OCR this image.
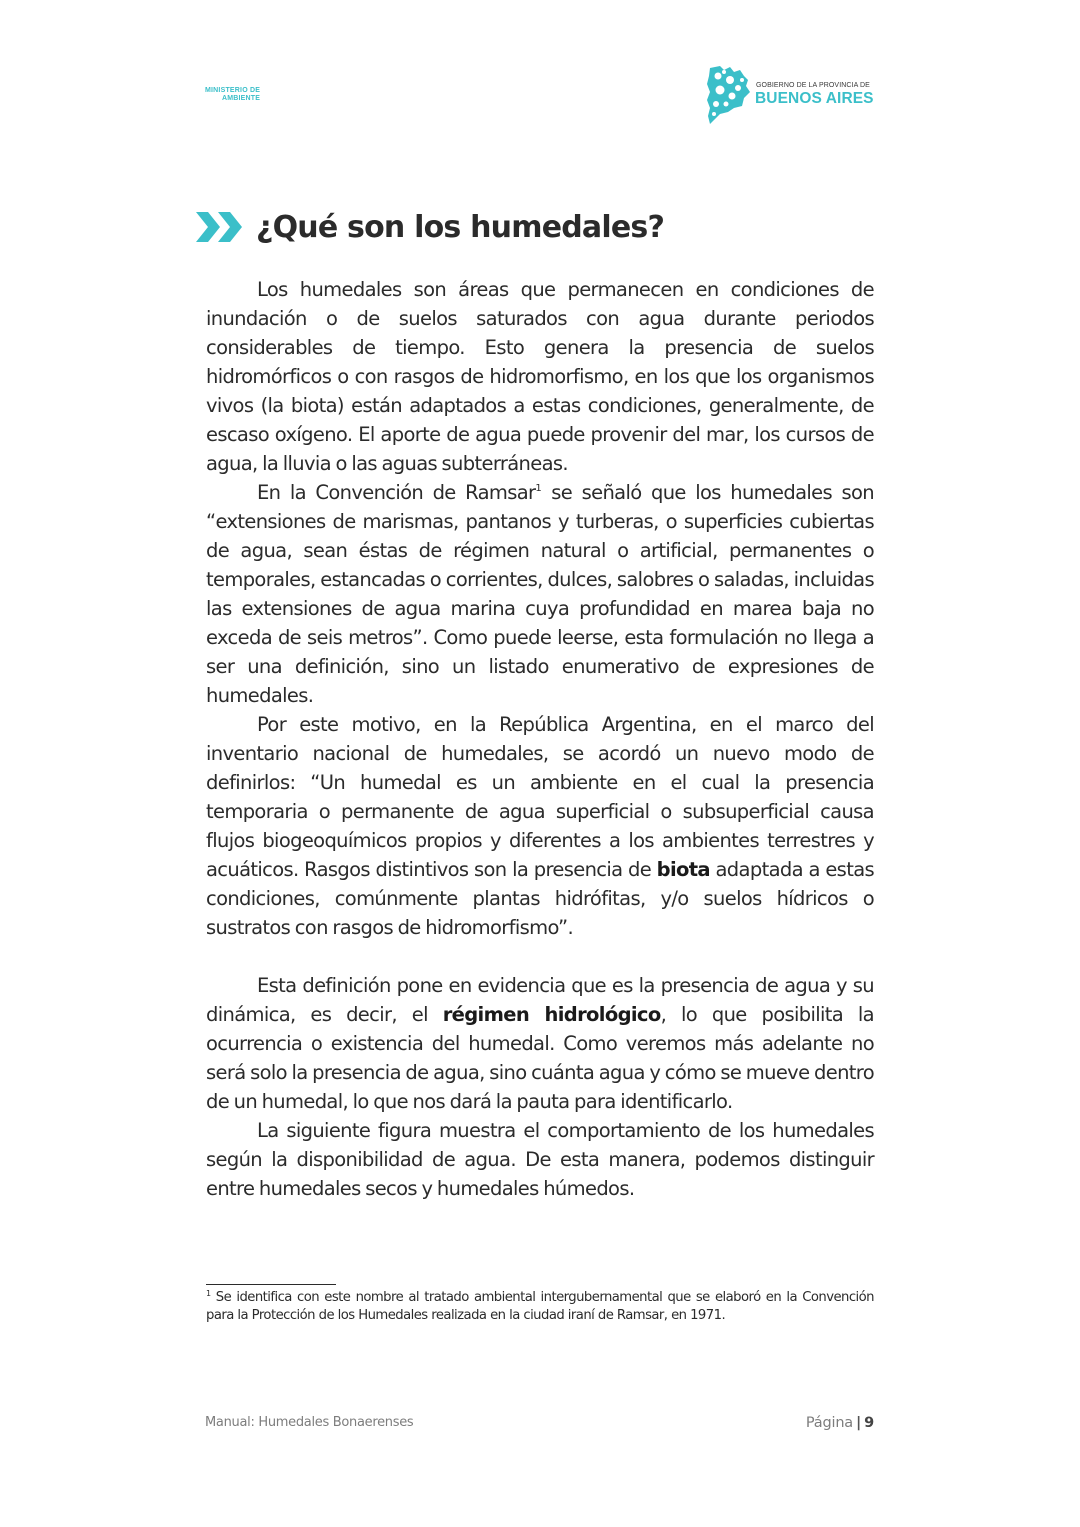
MINISTERIO DE
AMBIENTE
GOBIERNO DE LA PROVINCIA DE
BUENOS AIRES
¿Qué son los humedales?

Los humedales son áreas que permanecen en condiciones de inundación o de suelos saturados con agua durante periodos considerables de tiempo. Esto genera la presencia de suelos hidromórficos o con rasgos de hidromorfismo, en los que los organismos vivos (la biota) están adaptados a estas condiciones, generalmente, de escaso oxígeno. El aporte de agua puede provenir del mar, los cursos de agua, la lluvia o las aguas subterráneas.

En la Convención de Ramsar$^1$ se señaló que los humedales son “extensiones de marismas, pantanos y turberas, o superficies cubiertas de agua, sean éstas de régimen natural o artificial, permanentes o temporales, estancadas o corrientes, dulces, salobres o saladas, incluidas las extensiones de agua marina cuya profundidad en marea baja no exceda de seis metros”. Como puede leerse, esta formulación no llega a ser una definición, sino un listado enumerativo de expresiones de humedales.

Por este motivo, en la República Argentina, en el marco del inventario nacional de humedales, se acordó un nuevo modo de definirlos: “Un humedal es un ambiente en el cual la presencia temporaria o permanente de agua superficial o subsuperficial causa flujos biogeoquímicos propios y diferentes a los ambientes terrestres y acuáticos. Rasgos distintivos son la presencia de biota adaptada a estas condiciones, comúnmente plantas hidrófitas, y/o suelos hídricos o sustratos con rasgos de hidromorfismo”.

Esta definición pone en evidencia que es la presencia de agua y su dinámica, es decir, el régimen hidrológico, lo que posibilita la ocurrencia o existencia del humedal. Como veremos más adelante no será solo la presencia de agua, sino cuánta agua y cómo se mueve dentro de un humedal, lo que nos dará la pauta para identificarlo.

La siguiente figura muestra el comportamiento de los humedales según la disponibilidad de agua. De esta manera, podemos distinguir entre humedales secos y humedales húmedos.

$^1$ Se identifica con este nombre al tratado ambiental intergubernamental que se elaboró en la Convención para la Protección de los Humedales realizada en la ciudad iraní de Ramsar, en 1971.

Manual: Humedales Bonaerenses	Página | 9
